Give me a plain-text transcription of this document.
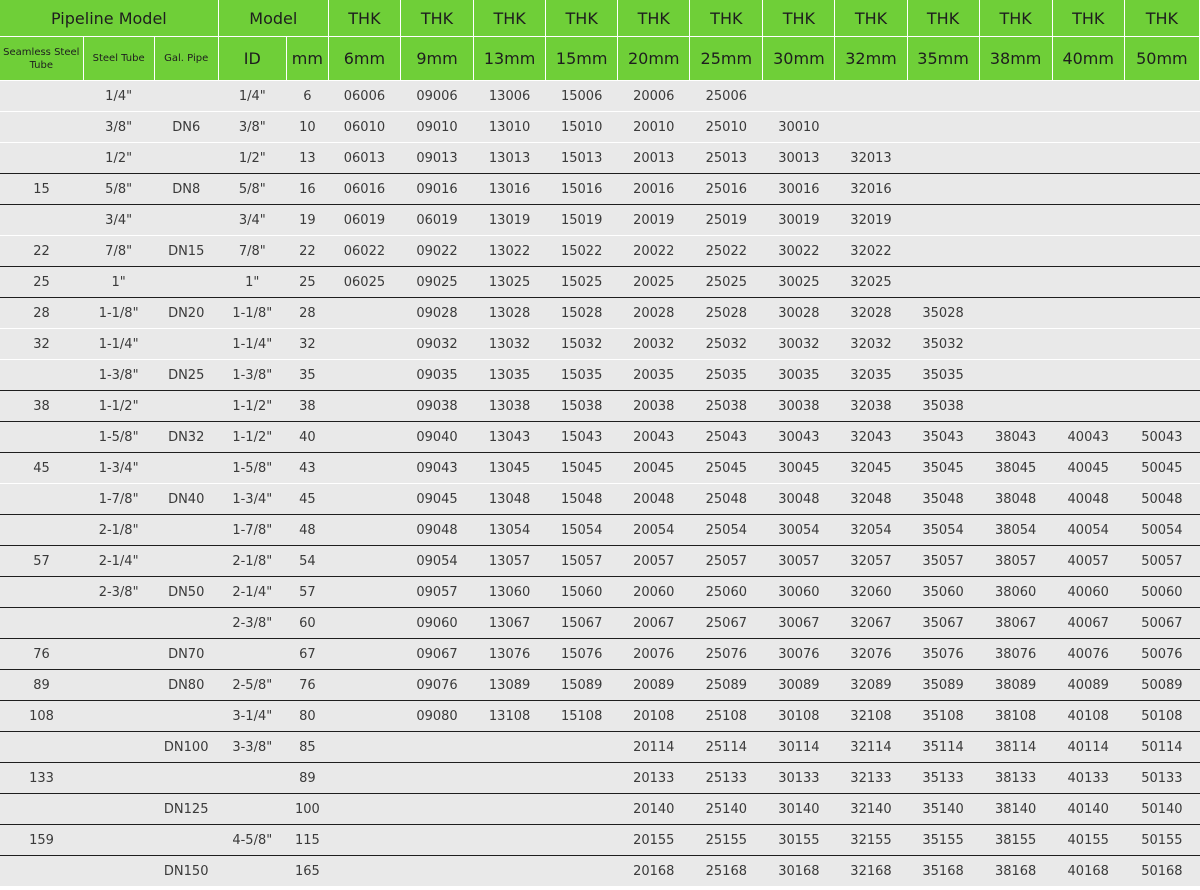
Pipeline Model			Model		THK	THK	THK	THK	THK	THK	THK	THK	THK	THK	THK	THK
Seamless Steel Tube	Steel Tube	Gal. Pipe	ID	mm	6mm	9mm	13mm	15mm	20mm	25mm	30mm	32mm	35mm	38mm	40mm	50mm
	1/4"		1/4"	6	06006	09006	13006	15006	20006	25006						
	3/8"	DN6	3/8"	10	06010	09010	13010	15010	20010	25010	30010					
	1/2"		1/2"	13	06013	09013	13013	15013	20013	25013	30013	32013				
15	5/8"	DN8	5/8"	16	06016	09016	13016	15016	20016	25016	30016	32016				
	3/4"		3/4"	19	06019	06019	13019	15019	20019	25019	30019	32019				
22	7/8"	DN15	7/8"	22	06022	09022	13022	15022	20022	25022	30022	32022				
25	1"		1"	25	06025	09025	13025	15025	20025	25025	30025	32025				
28	1-1/8"	DN20	1-1/8"	28		09028	13028	15028	20028	25028	30028	32028	35028			
32	1-1/4"		1-1/4"	32		09032	13032	15032	20032	25032	30032	32032	35032			
	1-3/8"	DN25	1-3/8"	35		09035	13035	15035	20035	25035	30035	32035	35035			
38	1-1/2"		1-1/2"	38		09038	13038	15038	20038	25038	30038	32038	35038			
	1-5/8"	DN32	1-1/2"	40		09040	13043	15043	20043	25043	30043	32043	35043	38043	40043	50043
45	1-3/4"		1-5/8"	43		09043	13045	15045	20045	25045	30045	32045	35045	38045	40045	50045
	1-7/8"	DN40	1-3/4"	45		09045	13048	15048	20048	25048	30048	32048	35048	38048	40048	50048
	2-1/8"		1-7/8"	48		09048	13054	15054	20054	25054	30054	32054	35054	38054	40054	50054
57	2-1/4"		2-1/8"	54		09054	13057	15057	20057	25057	30057	32057	35057	38057	40057	50057
	2-3/8"	DN50	2-1/4"	57		09057	13060	15060	20060	25060	30060	32060	35060	38060	40060	50060
			2-3/8"	60		09060	13067	15067	20067	25067	30067	32067	35067	38067	40067	50067
76		DN70		67		09067	13076	15076	20076	25076	30076	32076	35076	38076	40076	50076
89		DN80	2-5/8"	76		09076	13089	15089	20089	25089	30089	32089	35089	38089	40089	50089
108			3-1/4"	80		09080	13108	15108	20108	25108	30108	32108	35108	38108	40108	50108
		DN100	3-3/8"	85					20114	25114	30114	32114	35114	38114	40114	50114
133				89					20133	25133	30133	32133	35133	38133	40133	50133
		DN125		100					20140	25140	30140	32140	35140	38140	40140	50140
159			4-5/8"	115					20155	25155	30155	32155	35155	38155	40155	50155
		DN150		165					20168	25168	30168	32168	35168	38168	40168	50168
